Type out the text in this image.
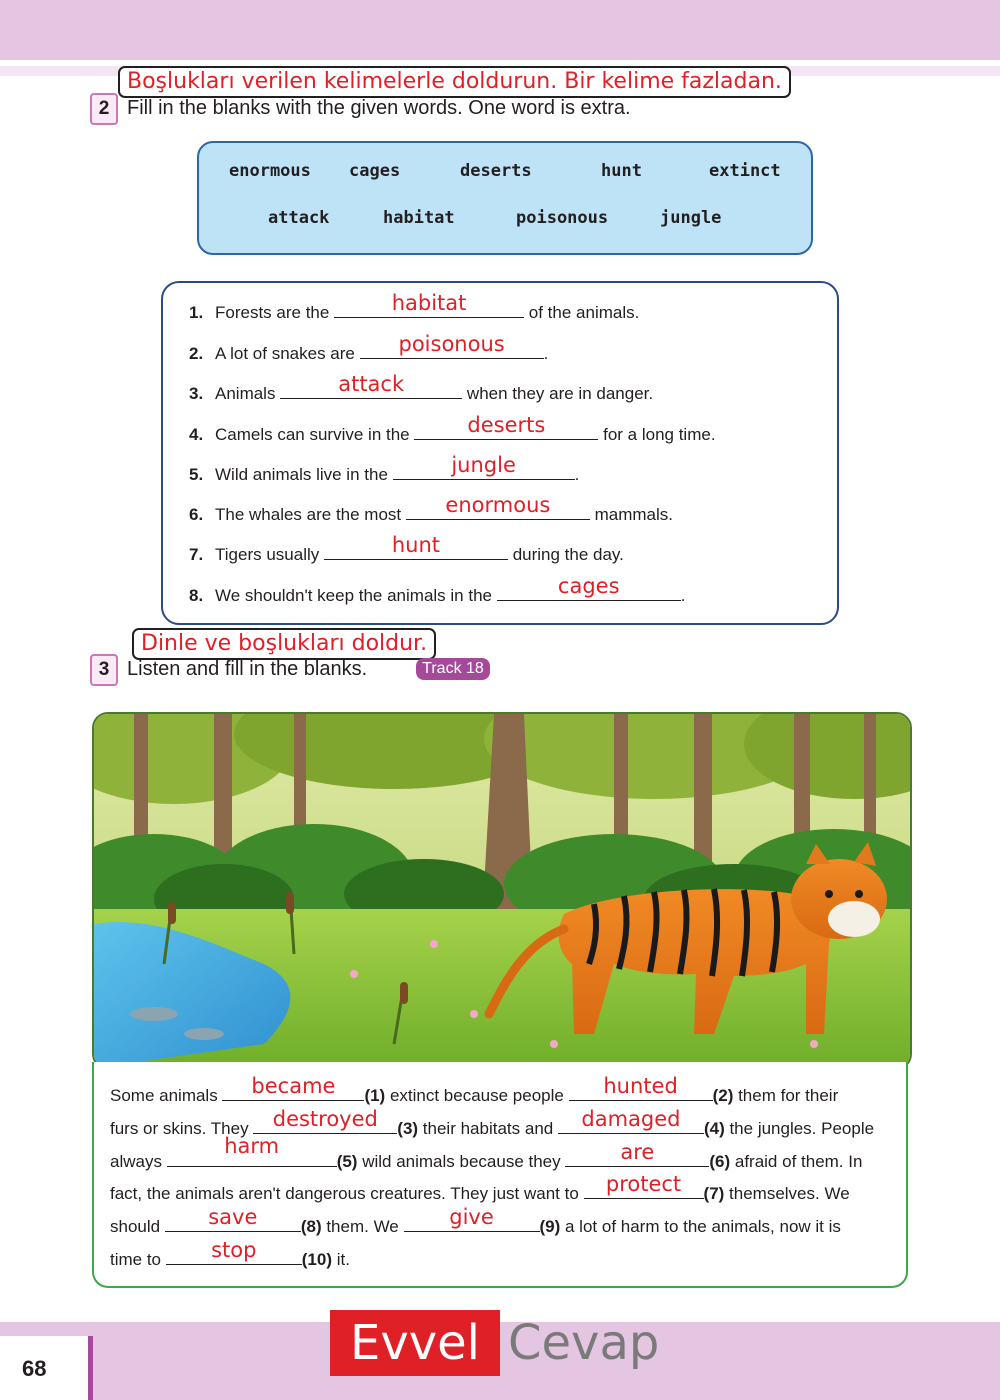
Boşlukları verilen kelimelerle doldurun. Bir kelime fazladan.
2 Fill in the blanks with the given words. One word is extra.
enormous cages	deserts	hunt	extinct
attack	habitat	poisonous	jungle
1. Forests are the	habitat	of the animals.
2. A lot of snakes are	poisonous	.
3. Animals	attack	when they are in danger.
4. Camels can survive in the	deserts	for a long time.
5. Wild animals live in the	jungle	.
6. The whales are the most	enormous	mammals.
7. Tigers usually	hunt	during the day.
8. We shouldn't keep the animals in the	cages	.
Dinle ve boşlukları doldur.
3 Listen and fill in the blanks.	Track 18
Some animals	became	(1) extinct because people	hunted	(2) them for their
furs or skins. They destroyed	(3) their habitats and	damaged	(4) the jungles. People
always
harm
(5) wild animals because they	are	(6) afraid of them. In
fact, the animals aren't dangerous creatures. They just want to	protect	(7) themselves. We
should	save	(8) them. We	give	(9) a lot of harm to the animals, now it is
time to	stop	(10) it.
68	Evvel Cevap
